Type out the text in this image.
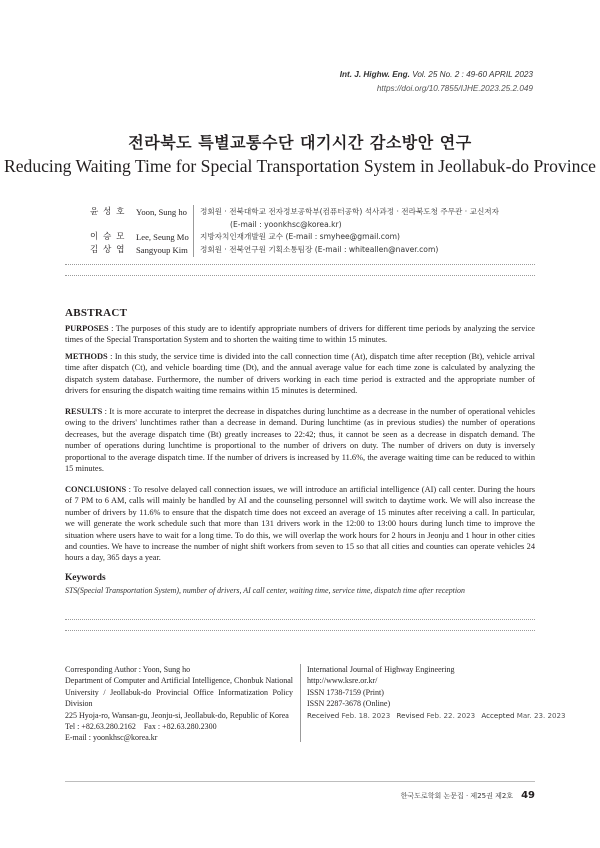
Int. J. Highw. Eng. Vol. 25 No. 2 : 49-60 APRIL 2023
https://doi.org/10.7855/IJHE.2023.25.2.049
전라북도 특별교통수단 대기시간 감소방안 연구
Reducing Waiting Time for Special Transportation System in Jeollabuk-do Province
윤 성 호	Yoon, Sung ho	정회원 · 전북대학교 전자정보공학부(컴퓨터공학) 석사과정 · 전라북도청 주무관 · 교신저자
(E-mail : yoonkhsc@korea.kr)
이 승 모	Lee, Seung Mo	지방자치인재개발원 교수 (E-mail : smyhee@gmail.com)
김 상 엽	Sangyoup Kim	정회원 · 전북연구원 기획소통팀장 (E-mail : whiteallen@naver.com)
ABSTRACT
PURPOSES : The purposes of this study are to identify appropriate numbers of drivers for different time periods by analyzing the service times of the Special Transportation System and to shorten the waiting time to within 15 minutes.
METHODS : In this study, the service time is divided into the call connection time (At), dispatch time after reception (Bt), vehicle arrival time after dispatch (Ct), and vehicle boarding time (Dt), and the annual average value for each time zone is calculated by analyzing the dispatch system database. Furthermore, the number of drivers working in each time period is extracted and the appropriate number of drivers for ensuring the dispatch waiting time remains within 15 minutes is determined.
RESULTS : It is more accurate to interpret the decrease in dispatches during lunchtime as a decrease in the number of operational vehicles owing to the drivers' lunchtimes rather than a decrease in demand. During lunchtime (as in previous studies) the number of operations decreases, but the average dispatch time (Bt) greatly increases to 22:42; thus, it cannot be seen as a decrease in dispatch demand. The number of operations during lunchtime is proportional to the number of drivers on duty. The number of drivers on duty is inversely proportional to the average dispatch time. If the number of drivers is increased by 11.6%, the average waiting time can be reduced to within 15 minutes.
CONCLUSIONS : To resolve delayed call connection issues, we will introduce an artificial intelligence (AI) call center. During the hours of 7 PM to 6 AM, calls will mainly be handled by AI and the counseling personnel will switch to daytime work. We will also increase the number of drivers by 11.6% to ensure that the dispatch time does not exceed an average of 15 minutes after receiving a call. In particular, we will generate the work schedule such that more than 131 drivers work in the 12:00 to 13:00 hours during lunch time to improve the situation where users have to wait for a long time. To do this, we will overlap the work hours for 2 hours in Jeonju and 1 hour in other cities and counties. We have to increase the number of night shift workers from seven to 15 so that all cities and counties can operate vehicles 24 hours a day, 365 days a year.
Keywords
STS(Special Transportation System), number of drivers, AI call center, waiting time, service time, dispatch time after reception
Corresponding Author : Yoon, Sung ho
Department of Computer and Artificial Intelligence, Chonbuk National University / Jeollabuk-do Provincial Office Informatization Policy Division
225 Hyoja-ro, Wansan-gu, Jeonju-si, Jeollabuk-do, Republic of Korea
Tel : +82.63.280.2162    Fax : +82.63.280.2300
E-mail : yoonkhsc@korea.kr
International Journal of Highway Engineering
http://www.ksre.or.kr/
ISSN 1738-7159 (Print)
ISSN 2287-3678 (Online)
Received Feb. 18. 2023 Revised Feb. 22. 2023 Accepted Mar. 23. 2023
한국도로학회 논문집 · 제25권 제2호 49
